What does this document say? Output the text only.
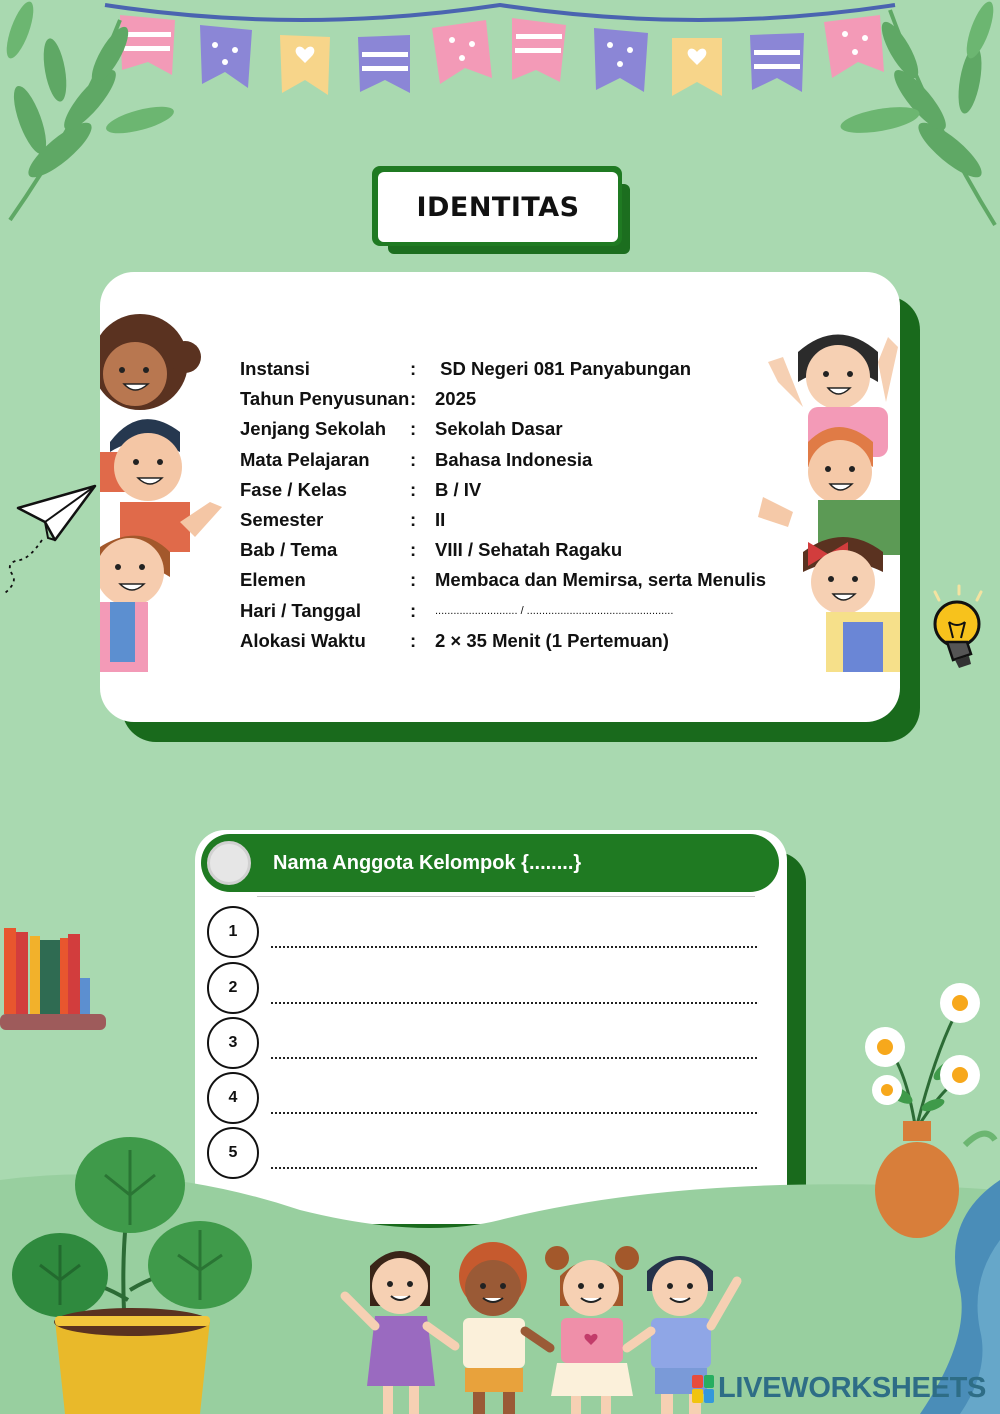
IDENTITAS
Instansi	:	SD Negeri 081 Panyabungan
Tahun Penyusunan :	2025
Jenjang Sekolah	:	Sekolah Dasar
Mata Pelajaran	:	Bahasa Indonesia
Fase / Kelas	:	B / IV
Semester	:	II
Bab / Tema	:	VIII / Sehatah Ragaku
Elemen	:	Membaca dan Memirsa, serta Menulis
Hari / Tanggal	:	........................... / ................................................
Alokasi Waktu	:	2 × 35 Menit (1 Pertemuan)
Nama Anggota Kelompok {........}
1
2
3
4
5
LIVEWORKSHEETS
